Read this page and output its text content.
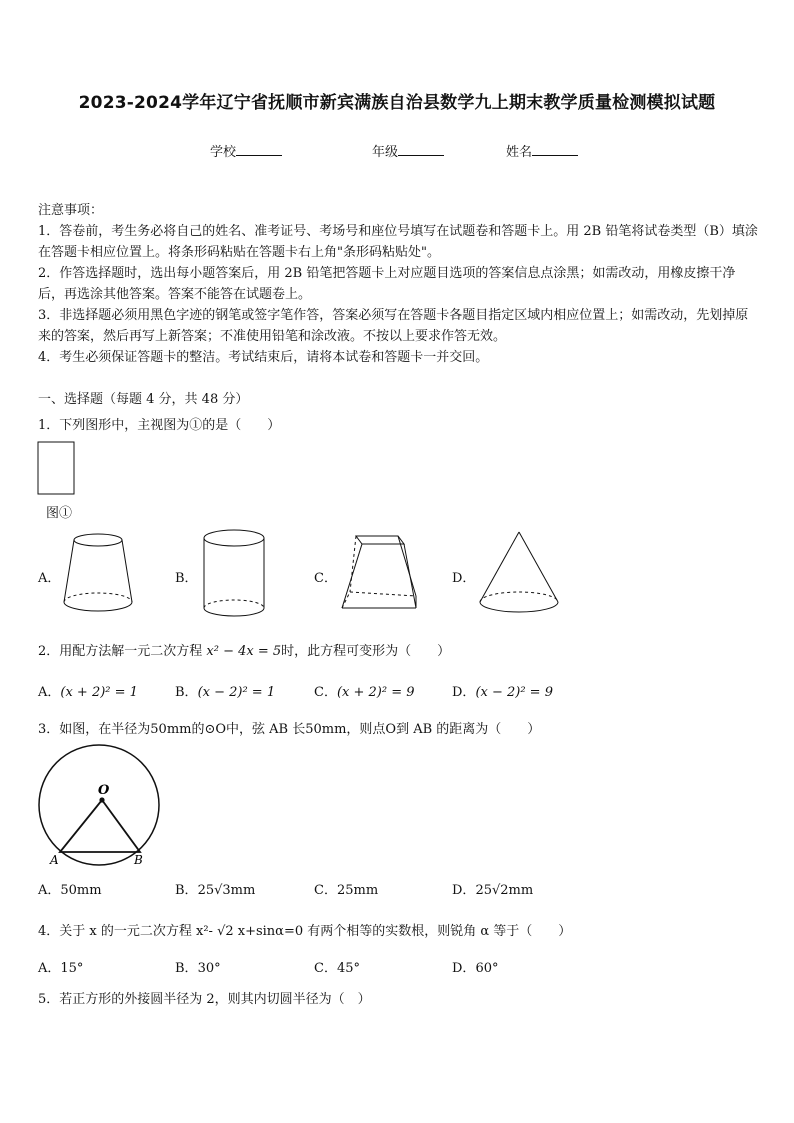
2023-2024学年辽宁省抚顺市新宾满族自治县数学九上期末教学质量检测模拟试题
学校	年级	姓名

注意事项：

1．答卷前，考生务必将自己的姓名、准考证号、考场号和座位号填写在试题卷和答题卡上。用 2B 铅笔将试卷类型（B）填涂在答题卡相应位置上。将条形码粘贴在答题卡右上角"条形码粘贴处"。

2．作答选择题时，选出每小题答案后，用 2B 铅笔把答题卡上对应题目选项的答案信息点涂黑；如需改动，用橡皮擦干净后，再选涂其他答案。答案不能答在试题卷上。

3．非选择题必须用黑色字迹的钢笔或签字笔作答，答案必须写在答题卡各题目指定区域内相应位置上；如需改动，先划掉原来的答案，然后再写上新答案；不准使用铅笔和涂改液。不按以上要求作答无效。

4．考生必须保证答题卡的整洁。考试结束后，请将本试卷和答题卡一并交回。

一、选择题（每题 4 分，共 48 分）
1．下列图形中，主视图为①的是（　　）
图①
A．	B．	C．	D．
2．用配方法解一元二次方程 x² − 4x = 5时，此方程可变形为（　　）
A．(x + 2)² = 1	B．(x − 2)² = 1	C．(x + 2)² = 9	D．(x − 2)² = 9
3．如图，在半径为50mm的⊙O中，弦 AB 长50mm，则点O到 AB 的距离为（　　）
O
A	B
A．50mm	B．25√3mm	C．25mm	D．25√2mm
4．关于 x 的一元二次方程 x²- √2 x+sinα=0 有两个相等的实数根，则锐角 α 等于（　　）
A．15°	B．30°	C．45°	D．60°
5．若正方形的外接圆半径为 2，则其内切圆半径为（　）
